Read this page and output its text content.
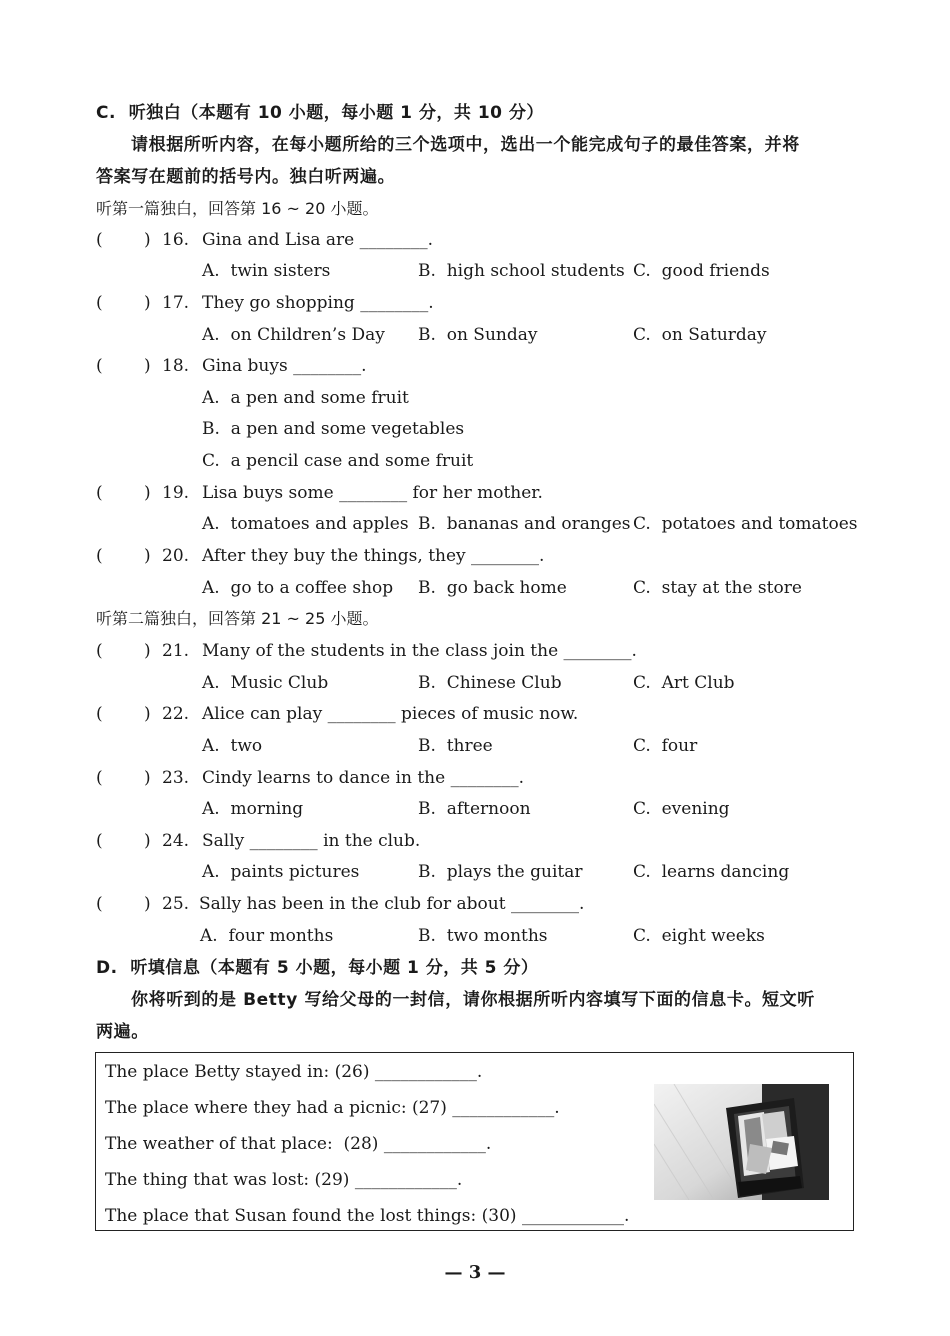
C.  听独白（本题有 10 小题，每小题 1 分，共 10 分）
请根据所听内容，在每小题所给的三个选项中，选出一个能完成句子的最佳答案，并将
答案写在题前的括号内。独白听两遍。
听第一篇独白，回答第 16 ~ 20 小题。
( ) 16. Gina and Lisa are ________.
A.  twin sisters	B.  high school students C.  good friends
( ) 17. They go shopping ________.
A.  on Children’s Day B.  on Sunday	C.  on Saturday
( ) 18. Gina buys ________.
A.  a pen and some fruit
B.  a pen and some vegetables
C.  a pencil case and some fruit
( ) 19. Lisa buys some ________ for her mother.
A.  tomatoes and apples B.  bananas and oranges C.  potatoes and tomatoes
( ) 20. After they buy the things, they ________.
A.  go to a coffee shop B.  go back home	C.  stay at the store
听第二篇独白，回答第 21 ~ 25 小题。
( ) 21. Many of the students in the class join the ________.
A.  Music Club	B.  Chinese Club	C.  Art Club
( ) 22. Alice can play ________ pieces of music now.
A.  two	B.  three	C.  four
( ) 23. Cindy learns to dance in the ________.
A.  morning	B.  afternoon	C.  evening
( ) 24. Sally ________ in the club.
A.  paints pictures	B.  plays the guitar	C.  learns dancing
( ) 25. Sally has been in the club for about ________.
A.  four months	B.  two months	C.  eight weeks
D.  听填信息（本题有 5 小题，每小题 1 分，共 5 分）
你将听到的是 Betty 写给父母的一封信，请你根据所听内容填写下面的信息卡。短文听
两遍。
The place Betty stayed in: (26) ____________.
The place where they had a picnic: (27) ____________.
The weather of that place:  (28) ____________.
The thing that was lost: (29) ____________.
The place that Susan found the lost things: (30) ____________.
— 3 —
